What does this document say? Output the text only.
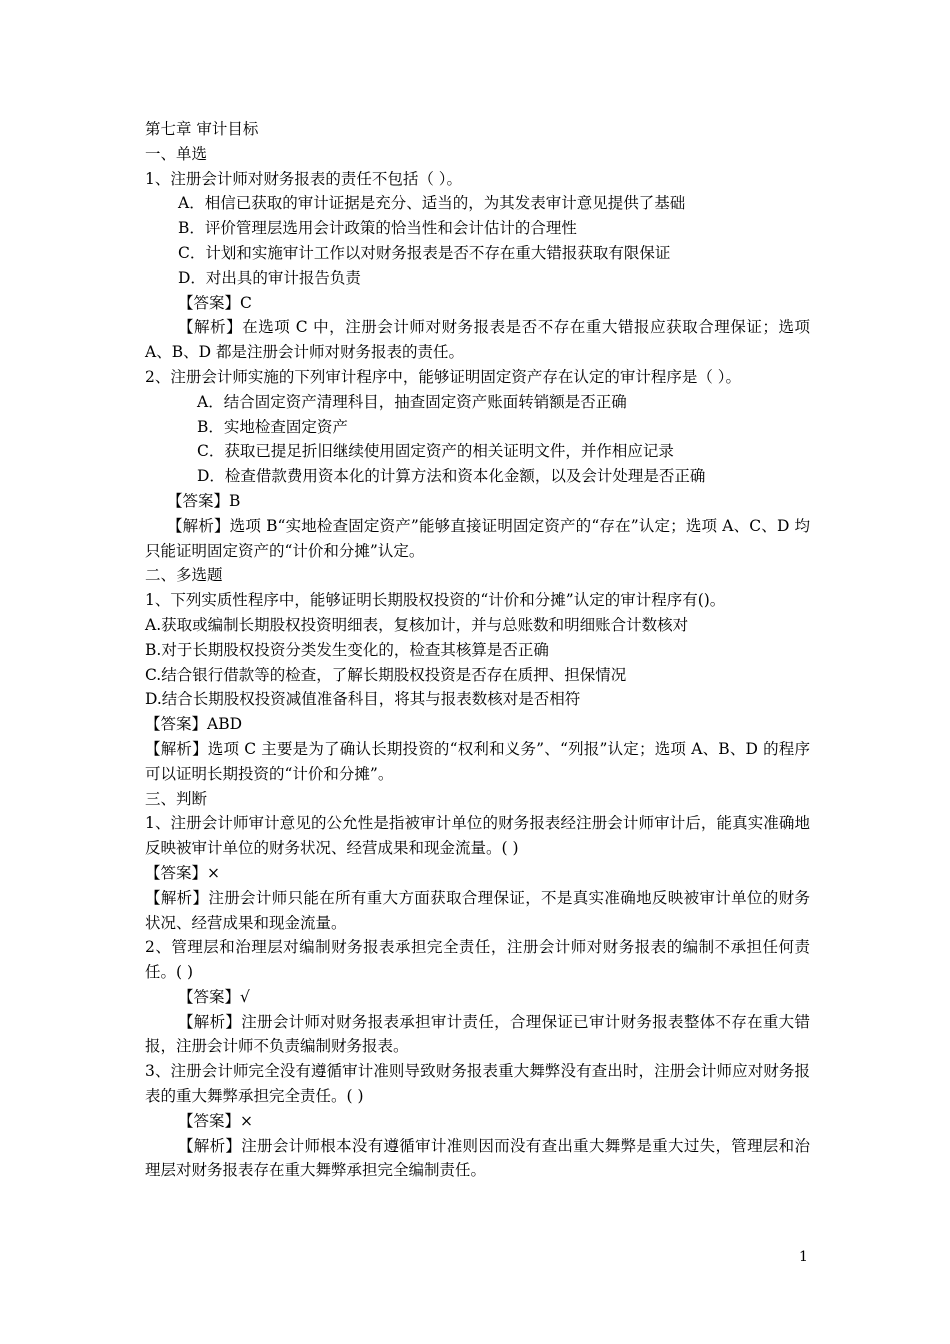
第七章 审计目标
一、单选
1、注册会计师对财务报表的责任不包括（ ）。
A．相信已获取的审计证据是充分、适当的，为其发表审计意见提供了基础
B．评价管理层选用会计政策的恰当性和会计估计的合理性
C．计划和实施审计工作以对财务报表是否不存在重大错报获取有限保证
D．对出具的审计报告负责
【答案】C
【解析】在选项 C 中，注册会计师对财务报表是否不存在重大错报应获取合理保证；选项 A、B、D 都是注册会计师对财务报表的责任。
2、注册会计师实施的下列审计程序中，能够证明固定资产存在认定的审计程序是（ ）。
A．结合固定资产清理科目，抽查固定资产账面转销额是否正确
B．实地检查固定资产
C．获取已提足折旧继续使用固定资产的相关证明文件，并作相应记录
D．检查借款费用资本化的计算方法和资本化金额，以及会计处理是否正确
【答案】B
【解析】选项 B“实地检查固定资产”能够直接证明固定资产的“存在”认定；选项 A、C、D 均只能证明固定资产的“计价和分摊”认定。
二、多选题
1、下列实质性程序中，能够证明长期股权投资的“计价和分摊”认定的审计程序有()。
A.获取或编制长期股权投资明细表，复核加计，并与总账数和明细账合计数核对
B.对于长期股权投资分类发生变化的，检查其核算是否正确
C.结合银行借款等的检查，了解长期股权投资是否存在质押、担保情况
D.结合长期股权投资减值准备科目，将其与报表数核对是否相符
【答案】ABD
【解析】选项 C 主要是为了确认长期投资的“权利和义务”、“列报”认定；选项 A、B、D 的程序可以证明长期投资的“计价和分摊”。
三、判断
1、注册会计师审计意见的公允性是指被审计单位的财务报表经注册会计师审计后，能真实准确地反映被审计单位的财务状况、经营成果和现金流量。( )
【答案】×
【解析】注册会计师只能在所有重大方面获取合理保证，不是真实准确地反映被审计单位的财务状况、经营成果和现金流量。
2、管理层和治理层对编制财务报表承担完全责任，注册会计师对财务报表的编制不承担任何责任。( )
【答案】√
【解析】注册会计师对财务报表承担审计责任，合理保证已审计财务报表整体不存在重大错报，注册会计师不负责编制财务报表。
3、注册会计师完全没有遵循审计准则导致财务报表重大舞弊没有查出时，注册会计师应对财务报表的重大舞弊承担完全责任。( )
【答案】×
【解析】注册会计师根本没有遵循审计准则因而没有查出重大舞弊是重大过失，管理层和治理层对财务报表存在重大舞弊承担完全编制责任。
1
